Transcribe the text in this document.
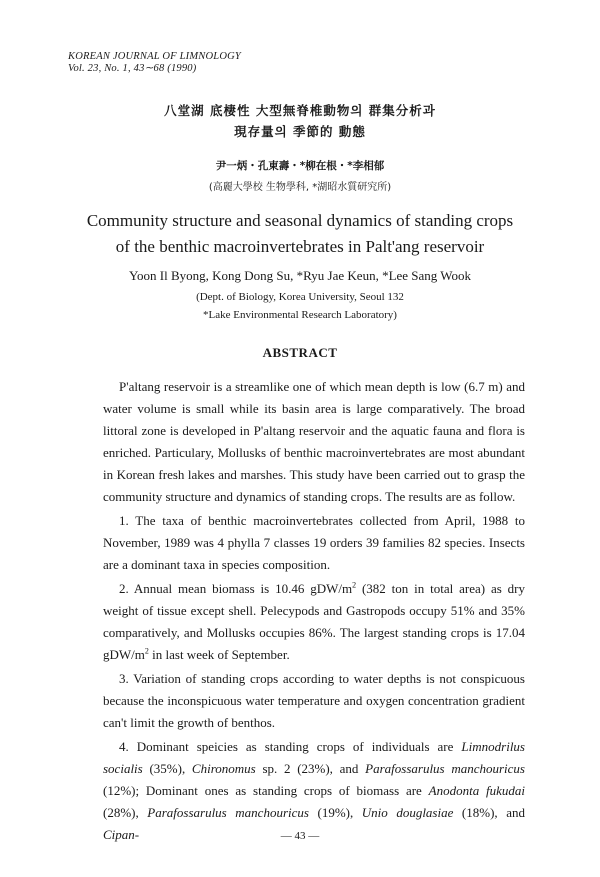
KOREAN JOURNAL OF LIMNOLOGY
Vol. 23, No. 1, 43∼68 (1990)
八堂湖 底棲性 大型無脊椎動物의 群集分析과
現存量의 季節的 動態
尹一炳・孔東壽・*柳在根・*李相郁
(高麗大學校 生物學科, *湖昭水質研究所)
Community structure and seasonal dynamics of standing crops
of the benthic macroinvertebrates in Palt'ang reservoir
Yoon Il Byong, Kong Dong Su, *Ryu Jae Keun, *Lee Sang Wook
(Dept. of Biology, Korea University, Seoul 132
*Lake Environmental Research Laboratory)
ABSTRACT

P'altang reservoir is a streamlike one of which mean depth is low (6.7 m) and water volume is small while its basin area is large comparatively. The broad littoral zone is developed in P'altang reservoir and the aquatic fauna and flora is enriched. Particulary, Mollusks of benthic macroinvertebrates are most abundant in Korean fresh lakes and marshes. This study have been carried out to grasp the community structure and dynamics of standing crops. The results are as follow.

1. The taxa of benthic macroinvertebrates collected from April, 1988 to November, 1989 was 4 phylla 7 classes 19 orders 39 families 82 species. Insects are a dominant taxa in species composition.

2. Annual mean biomass is 10.46 gDW/$m^2$ (382 ton in total area) as dry weight of tissue except shell. Pelecypods and Gastropods occupy 51% and 35% comparatively, and Mollusks occupies 86%. The largest standing crops is 17.04 gDW/$m^2$ in last week of September.

3. Variation of standing crops according to water depths is not conspicuous because the inconspicuous water temperature and oxygen concentration gradient can't limit the growth of benthos.

4. Dominant speicies as standing crops of individuals are Limnodrilus socialis (35%), Chironomus sp. 2 (23%), and Parafossarulus manchouricus (12%); Dominant ones as standing crops of biomass are Anodonta fukudai (28%), Parafossarulus manchouricus (19%), Unio douglasiae (18%), and Cipan-	— 43 —
